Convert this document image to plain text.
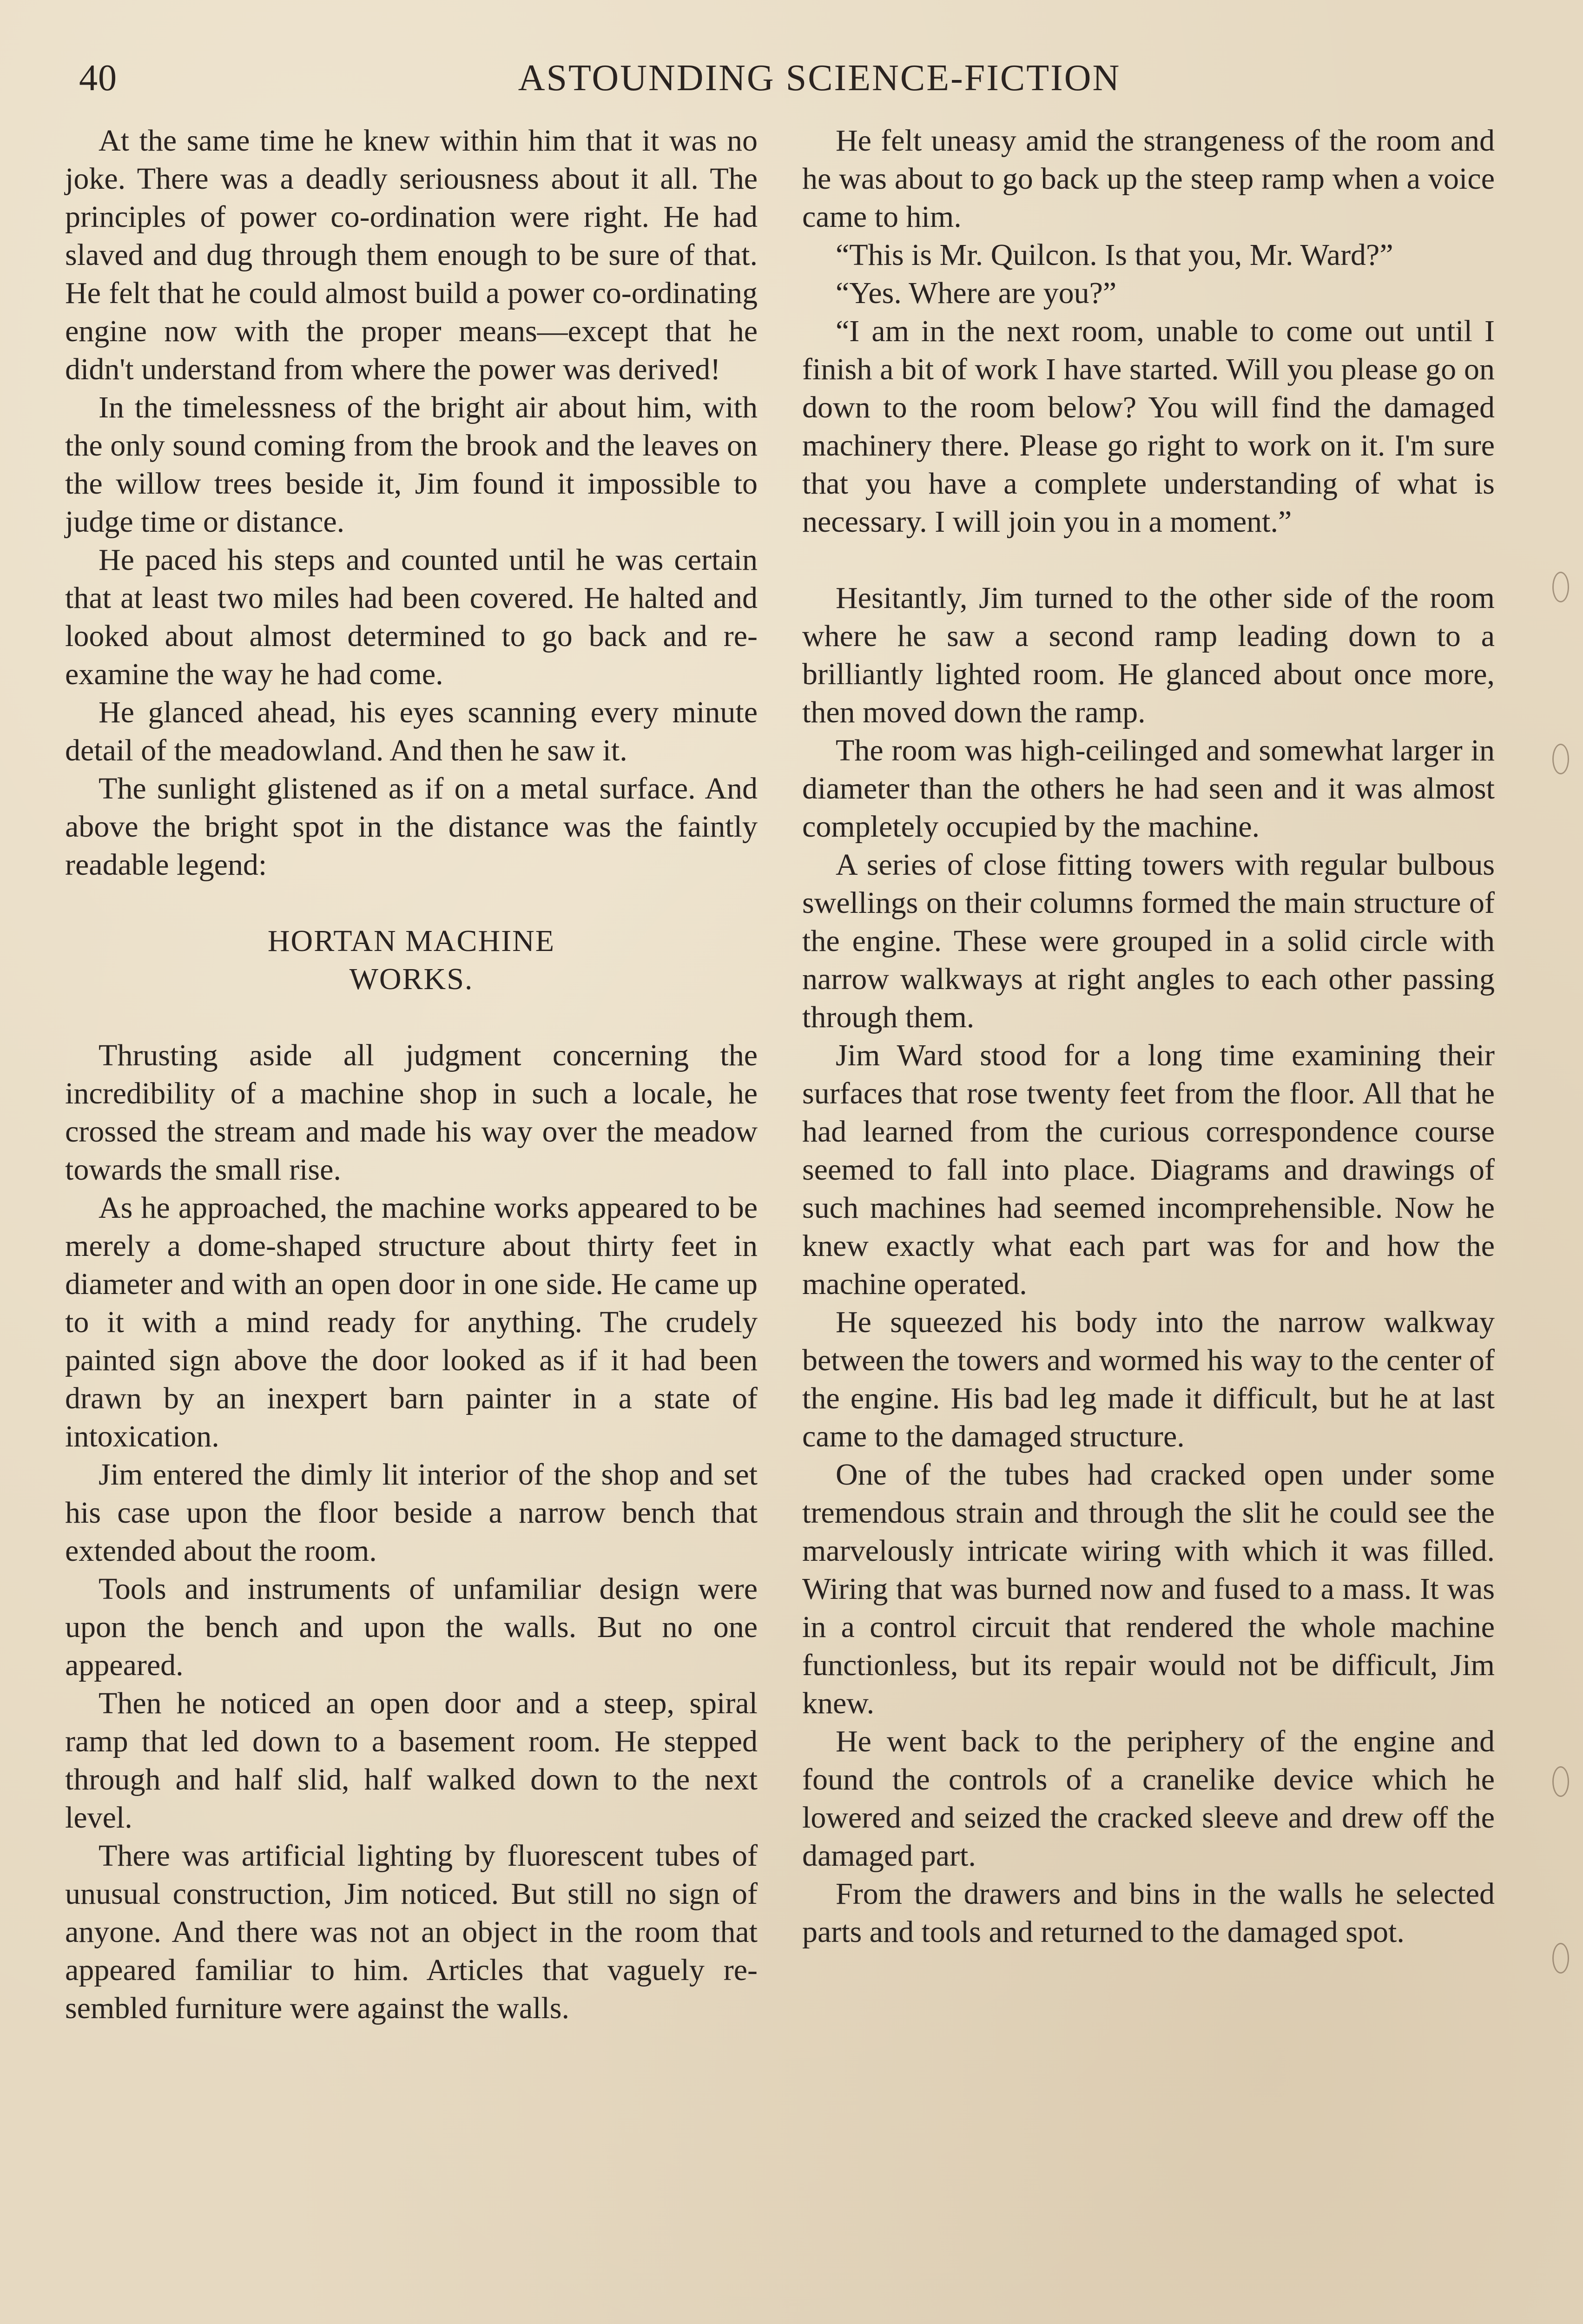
40	ASTOUNDING SCIENCE-FICTION

At the same time he knew within him that it was no joke. There was a deadly seriousness about it all. The principles of power co-ordination were right. He had slaved and dug through them enough to be sure of that. He felt that he could almost build a power co-ordinating engine now with the proper means—except that he didn't understand from where the power was derived!

In the timelessness of the bright air about him, with the only sound coming from the brook and the leaves on the willow trees beside it, Jim found it impossible to judge time or distance.

He paced his steps and counted until he was certain that at least two miles had been covered. He halted and looked about almost determined to go back and re-examine the way he had come.

He glanced ahead, his eyes scanning every minute detail of the meadowland. And then he saw it.

The sunlight glistened as if on a metal surface. And above the bright spot in the distance was the faintly readable legend:

HORTAN MACHINE
WORKS.

Thrusting aside all judgment concerning the incredibility of a machine shop in such a locale, he crossed the stream and made his way over the meadow towards the small rise.

As he approached, the machine works appeared to be merely a dome-shaped structure about thirty feet in diameter and with an open door in one side. He came up to it with a mind ready for anything. The crudely painted sign above the door looked as if it had been drawn by an inexpert barn painter in a state of intoxication.

Jim entered the dimly lit interior of the shop and set his case upon the floor beside a narrow bench that extended about the room.

Tools and instruments of unfamiliar design were upon the bench and upon the walls. But no one appeared.

Then he noticed an open door and a steep, spiral ramp that led down to a basement room. He stepped through and half slid, half walked down to the next level.

There was artificial lighting by fluorescent tubes of unusual construction, Jim noticed. But still no sign of anyone. And there was not an object in the room that appeared familiar to him. Articles that vaguely resembled furniture were against the walls.

He felt uneasy amid the strangeness of the room and he was about to go back up the steep ramp when a voice came to him.

“This is Mr. Quilcon. Is that you, Mr. Ward?”

“Yes. Where are you?”

“I am in the next room, unable to come out until I finish a bit of work I have started. Will you please go on down to the room below? You will find the damaged machinery there. Please go right to work on it. I'm sure that you have a complete understanding of what is necessary. I will join you in a moment.”

Hesitantly, Jim turned to the other side of the room where he saw a second ramp leading down to a brilliantly lighted room. He glanced about once more, then moved down the ramp.

The room was high-ceilinged and somewhat larger in diameter than the others he had seen and it was almost completely occupied by the machine.

A series of close fitting towers with regular bulbous swellings on their columns formed the main structure of the engine. These were grouped in a solid circle with narrow walkways at right angles to each other passing through them.

Jim Ward stood for a long time examining their surfaces that rose twenty feet from the floor. All that he had learned from the curious correspondence course seemed to fall into place. Diagrams and drawings of such machines had seemed incomprehensible. Now he knew exactly what each part was for and how the machine operated.

He squeezed his body into the narrow walkway between the towers and wormed his way to the center of the engine. His bad leg made it difficult, but he at last came to the damaged structure.

One of the tubes had cracked open under some tremendous strain and through the slit he could see the marvelously intricate wiring with which it was filled. Wiring that was burned now and fused to a mass. It was in a control circuit that rendered the whole machine functionless, but its repair would not be difficult, Jim knew.

He went back to the periphery of the engine and found the controls of a cranelike device which he lowered and seized the cracked sleeve and drew off the damaged part.

From the drawers and bins in the walls he selected parts and tools and returned to the damaged spot.
